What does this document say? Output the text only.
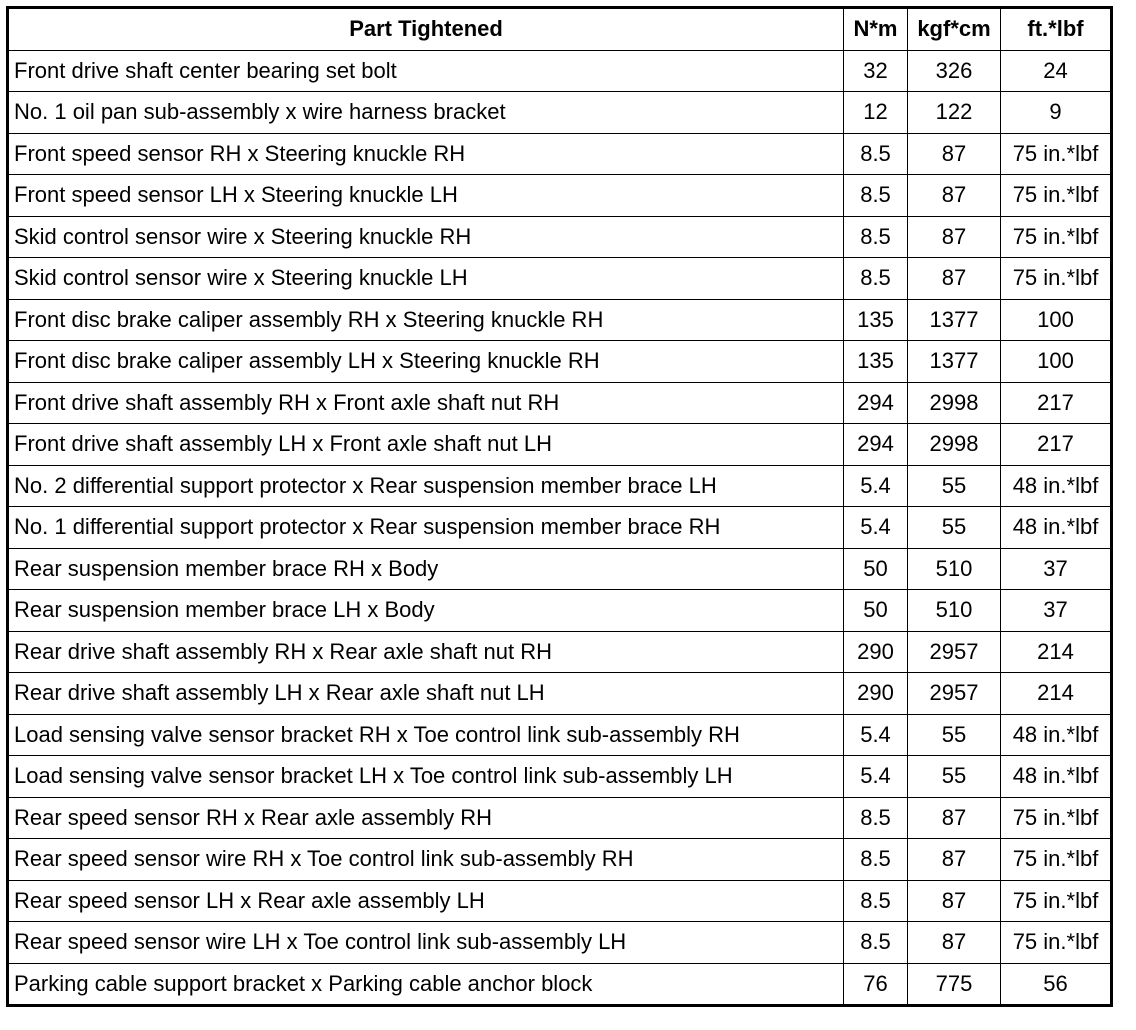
Part Tightened	N*m	kgf*cm	ft.*lbf
Front drive shaft center bearing set bolt	32	326	24
No. 1 oil pan sub-assembly x wire harness bracket	12	122	9
Front speed sensor RH x Steering knuckle RH	8.5	87	75 in.*lbf
Front speed sensor LH x Steering knuckle LH	8.5	87	75 in.*lbf
Skid control sensor wire x Steering knuckle RH	8.5	87	75 in.*lbf
Skid control sensor wire x Steering knuckle LH	8.5	87	75 in.*lbf
Front disc brake caliper assembly RH x Steering knuckle RH	135	1377	100
Front disc brake caliper assembly LH x Steering knuckle RH	135	1377	100
Front drive shaft assembly RH x Front axle shaft nut RH	294	2998	217
Front drive shaft assembly LH x Front axle shaft nut LH	294	2998	217
No. 2 differential support protector x Rear suspension member brace LH	5.4	55	48 in.*lbf
No. 1 differential support protector x Rear suspension member brace RH	5.4	55	48 in.*lbf
Rear suspension member brace RH x Body	50	510	37
Rear suspension member brace LH x Body	50	510	37
Rear drive shaft assembly RH x Rear axle shaft nut RH	290	2957	214
Rear drive shaft assembly LH x Rear axle shaft nut LH	290	2957	214
Load sensing valve sensor bracket RH x Toe control link sub-assembly RH	5.4	55	48 in.*lbf
Load sensing valve sensor bracket LH x Toe control link sub-assembly LH	5.4	55	48 in.*lbf
Rear speed sensor RH x Rear axle assembly RH	8.5	87	75 in.*lbf
Rear speed sensor wire RH x Toe control link sub-assembly RH	8.5	87	75 in.*lbf
Rear speed sensor LH x Rear axle assembly LH	8.5	87	75 in.*lbf
Rear speed sensor wire LH x Toe control link sub-assembly LH	8.5	87	75 in.*lbf
Parking cable support bracket x Parking cable anchor block	76	775	56
